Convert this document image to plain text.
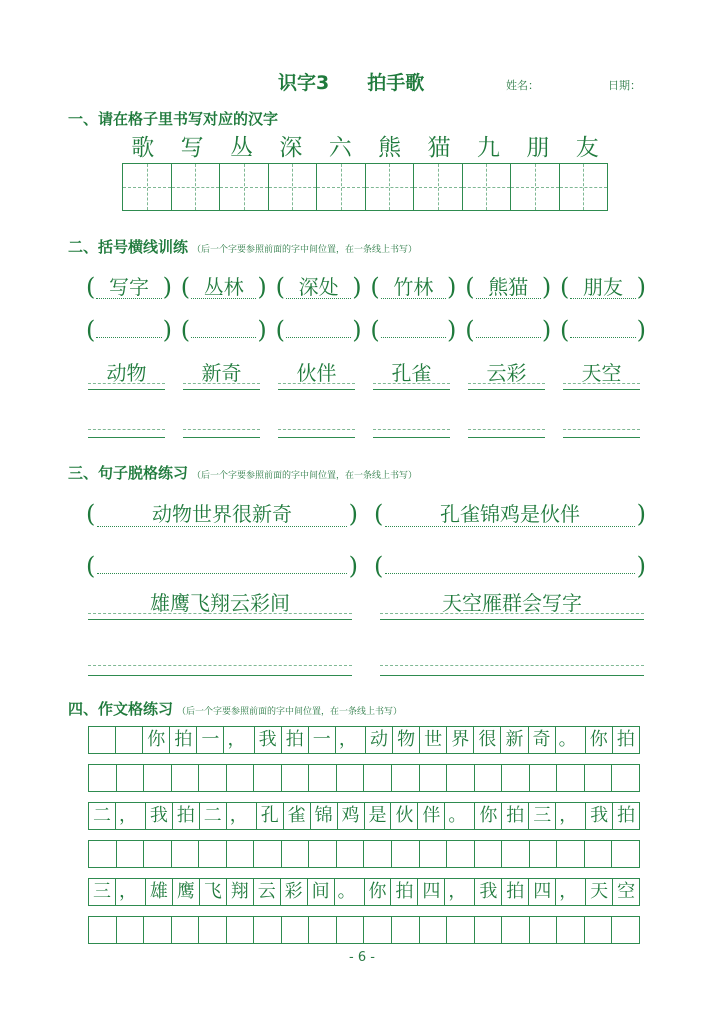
识字3 拍手歌	姓名：	日期：
一、请在格子里书写对应的汉字
歌	写	丛	深	六	熊	猫	九	朋	友
二、括号横线训练 （后一个字要参照前面的字中间位置，在一条线上书写）
( 写字 ) ( 丛林 ) ( 深处 ) ( 竹林 ) ( 熊猫 ) ( 朋友 )
(	) (	) (	) (	) (	) (	)
动物	新奇	伙伴	孔雀	云彩	天空
三、句子脱格练习 （后一个字要参照前面的字中间位置，在一条线上书写）
(	动物世界很新奇	) (	孔雀锦鸡是伙伴	)
(	) (	)
雄鹰飞翔云彩间	天空雁群会写字
四、作文格练习 （后一个字要参照前面的字中间位置，在一条线上书写）
你 拍 一 ， 我 拍 一 ， 动 物 世 界 很 新 奇 。 你 拍
二 ， 我 拍 二 ， 孔 雀 锦 鸡 是 伙 伴 。 你 拍 三 ， 我 拍
三 ， 雄 鹰 飞 翔 云 彩 间 。 你 拍 四 ， 我 拍 四 ， 天 空
- 6 -
